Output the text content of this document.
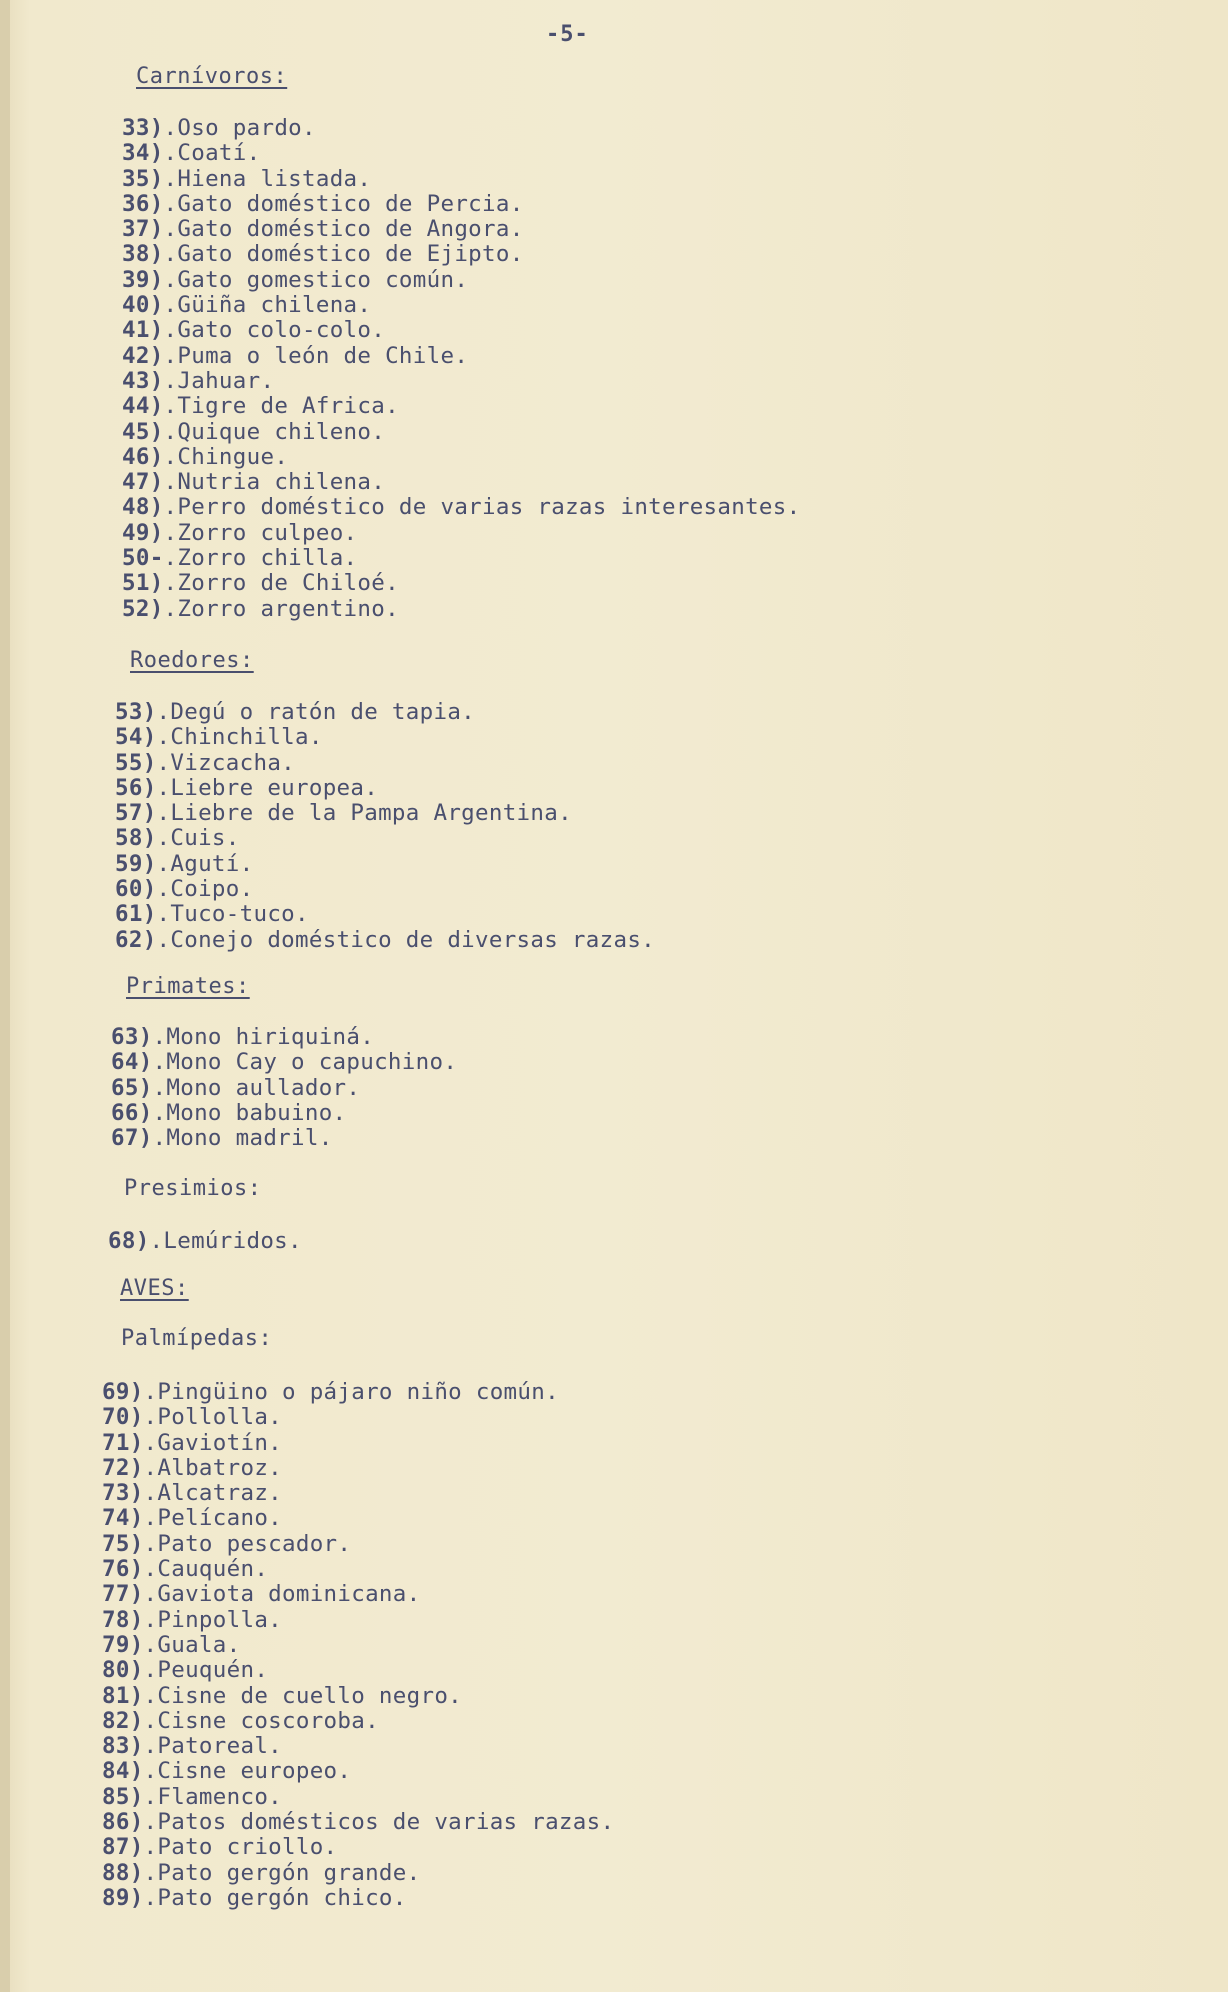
-5-
Carnívoros:
33).Oso pardo.
34).Coatí.
35).Hiena listada.
36).Gato doméstico de Percia.
37).Gato doméstico de Angora.
38).Gato doméstico de Ejipto.
39).Gato gomestico común.
40).Güiña chilena.
41).Gato colo-colo.
42).Puma o león de Chile.
43).Jahuar.
44).Tigre de Africa.
45).Quique chileno.
46).Chingue.
47).Nutria chilena.
48).Perro doméstico de varias razas interesantes.
49).Zorro culpeo.
50-.Zorro chilla.
51).Zorro de Chiloé.
52).Zorro argentino.
Roedores:
53).Degú o ratón de tapia.
54).Chinchilla.
55).Vizcacha.
56).Liebre europea.
57).Liebre de la Pampa Argentina.
58).Cuis.
59).Agutí.
60).Coipo.
61).Tuco-tuco.
62).Conejo doméstico de diversas razas.
Primates:
63).Mono hiriquiná.
64).Mono Cay o capuchino.
65).Mono aullador.
66).Mono babuino.
67).Mono madril.
Presimios:
68).Lemúridos.
AVES:
Palmípedas:
69).Pingüino o pájaro niño común.
70).Pollolla.
71).Gaviotín.
72).Albatroz.
73).Alcatraz.
74).Pelícano.
75).Pato pescador.
76).Cauquén.
77).Gaviota dominicana.
78).Pinpolla.
79).Guala.
80).Peuquén.
81).Cisne de cuello negro.
82).Cisne coscoroba.
83).Patoreal.
84).Cisne europeo.
85).Flamenco.
86).Patos domésticos de varias razas.
87).Pato criollo.
88).Pato gergón grande.
89).Pato gergón chico.
